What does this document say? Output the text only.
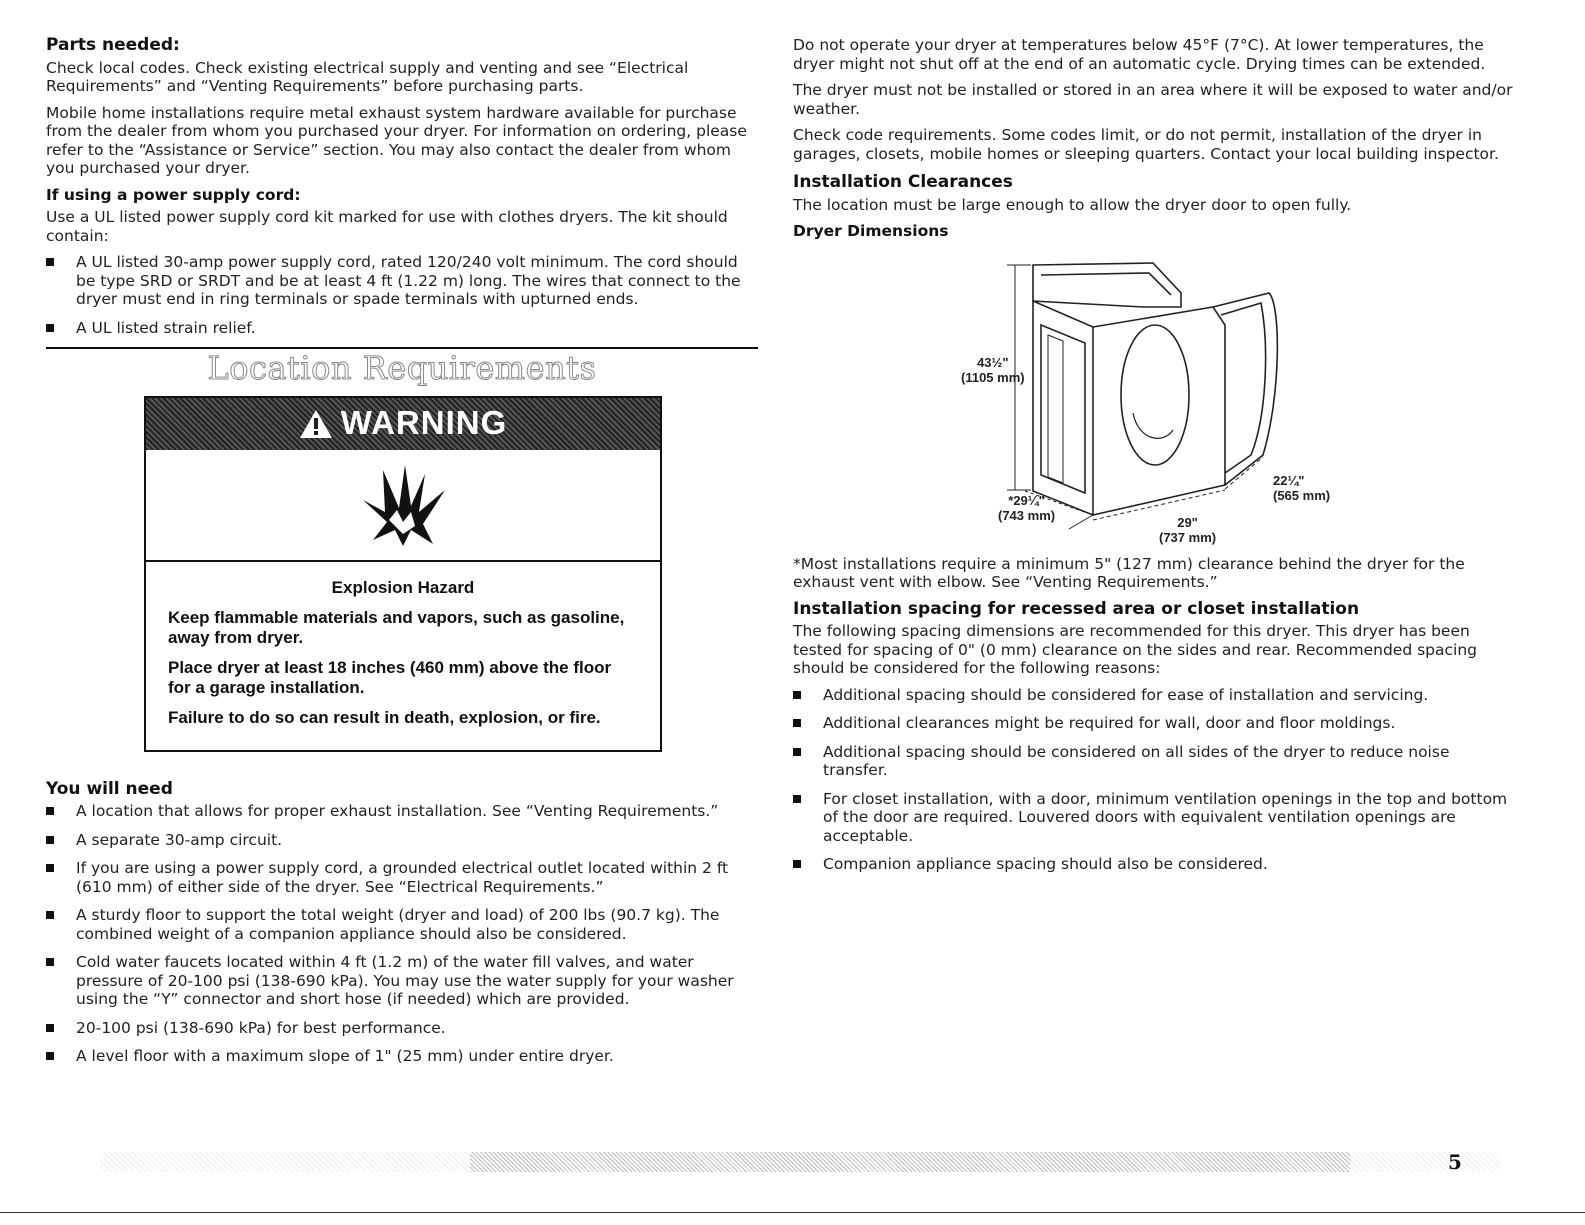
Parts needed:

Check local codes. Check existing electrical supply and venting and see “Electrical Requirements” and “Venting Requirements” before purchasing parts.

Mobile home installations require metal exhaust system hardware available for purchase from the dealer from whom you purchased your dryer. For information on ordering, please refer to the “Assistance or Service” section. You may also contact the dealer from whom you purchased your dryer.

If using a power supply cord:

Use a UL listed power supply cord kit marked for use with clothes dryers. The kit should contain:

A UL listed 30-amp power supply cord, rated 120/240 volt minimum. The cord should be type SRD or SRDT and be at least 4 ft (1.22 m) long. The wires that connect to the dryer must end in ring terminals or spade terminals with upturned ends.
A UL listed strain relief.
Location Requirements
WARNING
Explosion Hazard

Keep flammable materials and vapors, such as gasoline, away from dryer.

Place dryer at least 18 inches (460 mm) above the floor for a garage installation.

Failure to do so can result in death, explosion, or fire.

You will need
A location that allows for proper exhaust installation. See “Venting Requirements.”
A separate 30-amp circuit.
If you are using a power supply cord, a grounded electrical outlet located within 2 ft (610 mm) of either side of the dryer. See “Electrical Requirements.”
A sturdy floor to support the total weight (dryer and load) of 200 lbs (90.7 kg). The combined weight of a companion appliance should also be considered.
Cold water faucets located within 4 ft (1.2 m) of the water fill valves, and water pressure of 20-100 psi (138-690 kPa). You may use the water supply for your washer using the “Y” connector and short hose (if needed) which are provided.
20-100 psi (138-690 kPa) for best performance.
A level floor with a maximum slope of 1" (25 mm) under entire dryer.

Do not operate your dryer at temperatures below 45°F (7°C). At lower temperatures, the dryer might not shut off at the end of an automatic cycle. Drying times can be extended.

The dryer must not be installed or stored in an area where it will be exposed to water and/or weather.

Check code requirements. Some codes limit, or do not permit, installation of the dryer in garages, closets, mobile homes or sleeping quarters. Contact your local building inspector.

Installation Clearances

The location must be large enough to allow the dryer door to open fully.

Dryer Dimensions
43½"
(1105 mm)
*29¼"
(743 mm)	29"
(737 mm)
22¼"
(565 mm)

*Most installations require a minimum 5" (127 mm) clearance behind the dryer for the exhaust vent with elbow. See “Venting Requirements.”

Installation spacing for recessed area or closet installation

The following spacing dimensions are recommended for this dryer. This dryer has been tested for spacing of 0" (0 mm) clearance on the sides and rear. Recommended spacing should be considered for the following reasons:

Additional spacing should be considered for ease of installation and servicing.
Additional clearances might be required for wall, door and floor moldings.
Additional spacing should be considered on all sides of the dryer to reduce noise transfer.
For closet installation, with a door, minimum ventilation openings in the top and bottom of the door are required. Louvered doors with equivalent ventilation openings are acceptable.
Companion appliance spacing should also be considered.
5
